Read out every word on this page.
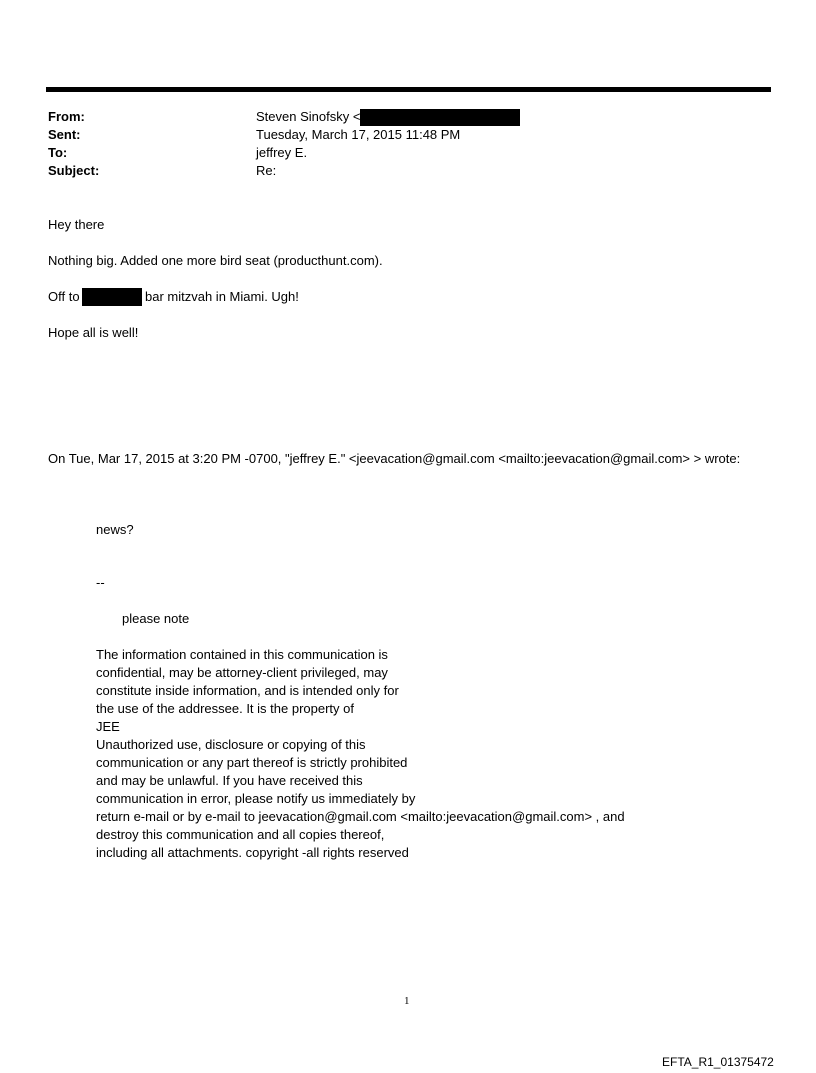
From:	Steven Sinofsky <
Sent:	Tuesday, March 17, 2015 11:48 PM
To:	jeffrey E.
Subject:	Re:
Hey there
Nothing big. Added one more bird seat (producthunt.com).
Off to	bar mitzvah in Miami. Ugh!
Hope all is well!
On Tue, Mar 17, 2015 at 3:20 PM -0700, "jeffrey E." <jeevacation@gmail.com <mailto:jeevacation@gmail.com> > wrote:
news?
--
please note
The information contained in this communication is
confidential, may be attorney-client privileged, may
constitute inside information, and is intended only for
the use of the addressee. It is the property of
JEE
Unauthorized use, disclosure or copying of this
communication or any part thereof is strictly prohibited
and may be unlawful. If you have received this
communication in error, please notify us immediately by
return e-mail or by e-mail to jeevacation@gmail.com <mailto:jeevacation@gmail.com> , and
destroy this communication and all copies thereof,
including all attachments. copyright -all rights reserved
1
EFTA_R1_01375472
